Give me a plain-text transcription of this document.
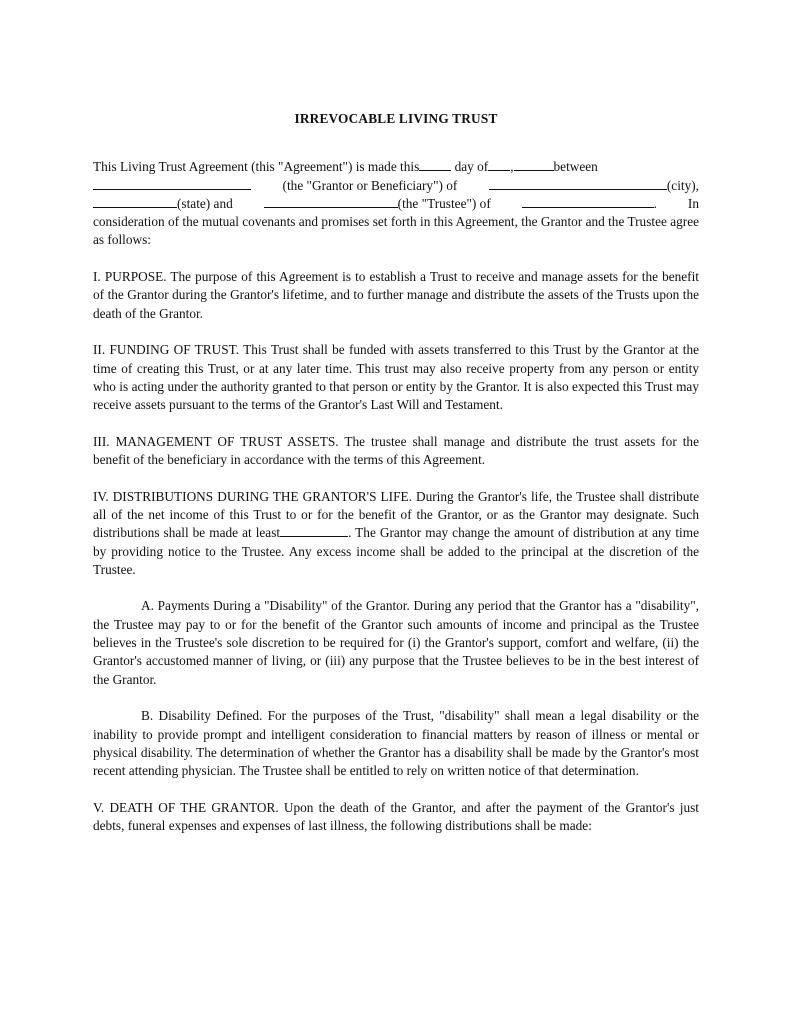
IRREVOCABLE LIVING TRUST
This Living Trust Agreement (this "Agreement") is made this	day of ,	between
(the "Grantor or Beneficiary") of	(city),
(state) and	(the "Trustee") of	. In

consideration of the mutual covenants and promises set forth in this Agreement, the Grantor and the Trustee agree as follows:

I. PURPOSE. The purpose of this Agreement is to establish a Trust to receive and manage assets for the benefit of the Grantor during the Grantor's lifetime, and to further manage and distribute the assets of the Trusts upon the death of the Grantor.

II. FUNDING OF TRUST. This Trust shall be funded with assets transferred to this Trust by the Grantor at the time of creating this Trust, or at any later time. This trust may also receive property from any person or entity who is acting under the authority granted to that person or entity by the Grantor. It is also expected this Trust may receive assets pursuant to the terms of the Grantor's Last Will and Testament.

III. MANAGEMENT OF TRUST ASSETS. The trustee shall manage and distribute the trust assets for the benefit of the beneficiary in accordance with the terms of this Agreement.

IV. DISTRIBUTIONS DURING THE GRANTOR'S LIFE. During the Grantor's life, the Trustee shall distribute all of the net income of this Trust to or for the benefit of the Grantor, or as the Grantor may designate. Such distributions shall be made at least	. The Grantor may change the amount of distribution at any time by providing notice to the Trustee. Any excess income shall be added to the principal at the discretion of the Trustee.

A. Payments During a "Disability" of the Grantor. During any period that the Grantor has a "disability", the Trustee may pay to or for the benefit of the Grantor such amounts of income and principal as the Trustee believes in the Trustee's sole discretion to be required for (i) the Grantor's support, comfort and welfare, (ii) the Grantor's accustomed manner of living, or (iii) any purpose that the Trustee believes to be in the best interest of the Grantor.

B. Disability Defined. For the purposes of the Trust, "disability" shall mean a legal disability or the inability to provide prompt and intelligent consideration to financial matters by reason of illness or mental or physical disability. The determination of whether the Grantor has a disability shall be made by the Grantor's most recent attending physician. The Trustee shall be entitled to rely on written notice of that determination.

V. DEATH OF THE GRANTOR. Upon the death of the Grantor, and after the payment of the Grantor's just debts, funeral expenses and expenses of last illness, the following distributions shall be made:
